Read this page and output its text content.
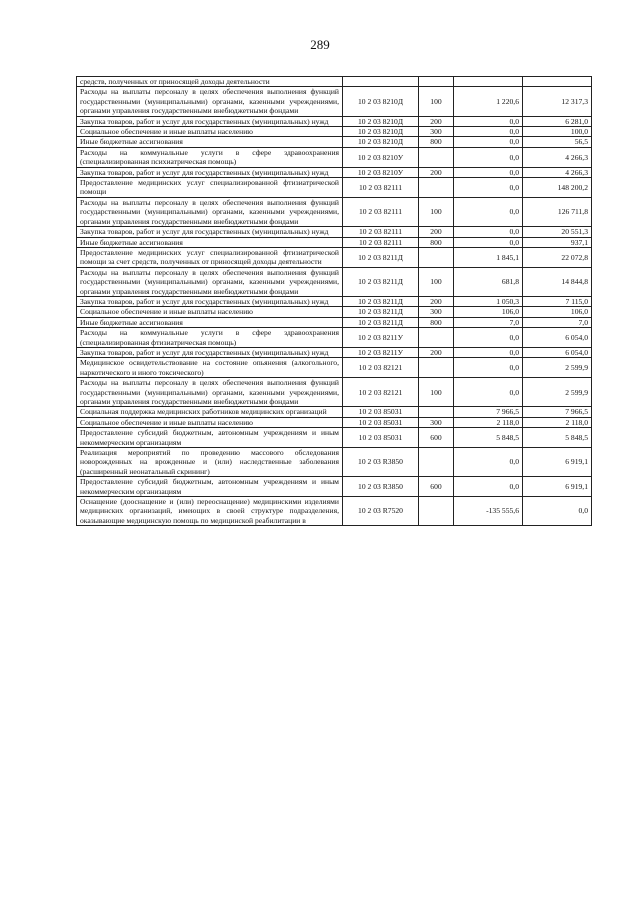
289
средств, полученных от приносящей доходы деятельности				
Расходы на выплаты персоналу в целях обеспечения выполнения функций государственными (муниципальными) органами, казенными учреждениями, органами управления государственными внебюджетными фондами	10 2 03 8210Д	100	1 220,6	12 317,3
Закупка товаров, работ и услуг для государственных (муниципальных) нужд	10 2 03 8210Д	200	0,0	6 281,0
Социальное обеспечение и иные выплаты населению	10 2 03 8210Д	300	0,0	100,0
Иные бюджетные ассигнования	10 2 03 8210Д	800	0,0	56,5
Расходы на коммунальные услуги в сфере здравоохранения (специализированная психиатрическая помощь)	10 2 03 8210У		0,0	4 266,3
Закупка товаров, работ и услуг для государственных (муниципальных) нужд	10 2 03 8210У	200	0,0	4 266,3
Предоставление медицинских услуг специализированной фтизиатрической помощи	10 2 03 82111		0,0	148 200,2
Расходы на выплаты персоналу в целях обеспечения выполнения функций государственными (муниципальными) органами, казенными учреждениями, органами управления государственными внебюджетными фондами	10 2 03 82111	100	0,0	126 711,8
Закупка товаров, работ и услуг для государственных (муниципальных) нужд	10 2 03 82111	200	0,0	20 551,3
Иные бюджетные ассигнования	10 2 03 82111	800	0,0	937,1
Предоставление медицинских услуг специализированной фтизиатрической помощи за счет средств, полученных от приносящей доходы деятельности	10 2 03 8211Д		1 845,1	22 072,8
Расходы на выплаты персоналу в целях обеспечения выполнения функций государственными (муниципальными) органами, казенными учреждениями, органами управления государственными внебюджетными фондами	10 2 03 8211Д	100	681,8	14 844,8
Закупка товаров, работ и услуг для государственных (муниципальных) нужд	10 2 03 8211Д	200	1 050,3	7 115,0
Социальное обеспечение и иные выплаты населению	10 2 03 8211Д	300	106,0	106,0
Иные бюджетные ассигнования	10 2 03 8211Д	800	7,0	7,0
Расходы на коммунальные услуги в сфере здравоохранения (специализированная фтизиатрическая помощь)	10 2 03 8211У		0,0	6 054,0
Закупка товаров, работ и услуг для государственных (муниципальных) нужд	10 2 03 8211У	200	0,0	6 054,0
Медицинское освидетельствование на состояние опьянения (алкогольного, наркотического и иного токсического)	10 2 03 82121		0,0	2 599,9
Расходы на выплаты персоналу в целях обеспечения выполнения функций государственными (муниципальными) органами, казенными учреждениями, органами управления государственными внебюджетными фондами	10 2 03 82121	100	0,0	2 599,9
Социальная поддержка медицинских работников медицинских организаций	10 2 03 85031		7 966,5	7 966,5
Социальное обеспечение и иные выплаты населению	10 2 03 85031	300	2 118,0	2 118,0
Предоставление субсидий бюджетным, автономным учреждениям и иным некоммерческим организациям	10 2 03 85031	600	5 848,5	5 848,5
Реализация мероприятий по проведению массового обследования новорожденных на врожденные и (или) наследственные заболевания (расширенный неонатальный скрининг)	10 2 03 R3850		0,0	6 919,1
Предоставление субсидий бюджетным, автономным учреждениям и иным некоммерческим организациям	10 2 03 R3850	600	0,0	6 919,1
Оснащение (дооснащение и (или) переоснащение) медицинскими изделиями медицинских организаций, имеющих в своей структуре подразделения, оказывающие медицинскую помощь по медицинской реабилитации в	10 2 03 R7520		-135 555,6	0,0
